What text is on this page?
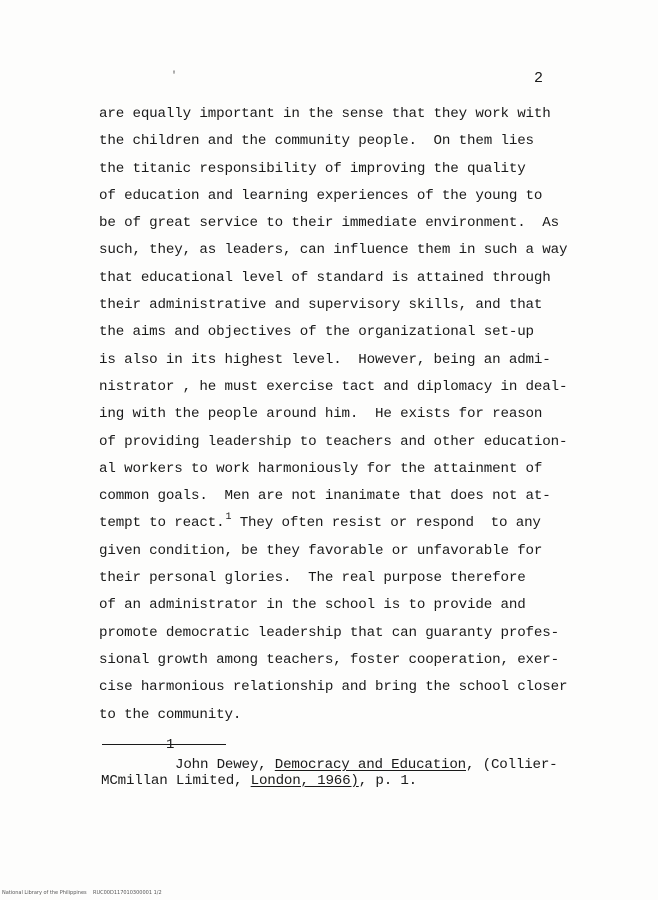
'	2
are equally important in the sense that they work with
the children and the community people.  On them lies
the titanic responsibility of improving the quality
of education and learning experiences of the young to
be of great service to their immediate environment.  As
such, they, as leaders, can influence them in such a way
that educational level of standard is attained through
their administrative and supervisory skills, and that
the aims and objectives of the organizational set-up
is also in its highest level.  However, being an admi-
nistrator , he must exercise tact and diplomacy in deal-
ing with the people around him.  He exists for reason
of providing leadership to teachers and other education-
al workers to work harmoniously for the attainment of
common goals.  Men are not inanimate that does not at-
tempt to react.$^1$ They often resist or respond  to any
given condition, be they favorable or unfavorable for
their personal glories.  The real purpose therefore
of an administrator in the school is to provide and
promote democratic leadership that can guaranty profes-
sional growth among teachers, foster cooperation, exer-
cise harmonious relationship and bring the school closer
to the community.
1
John Dewey, Democracy and Education, (Collier-
MCmillan Limited, London, 1966), p. 1.
National Library of the Philippines    RUC00D117010300001 1/2
